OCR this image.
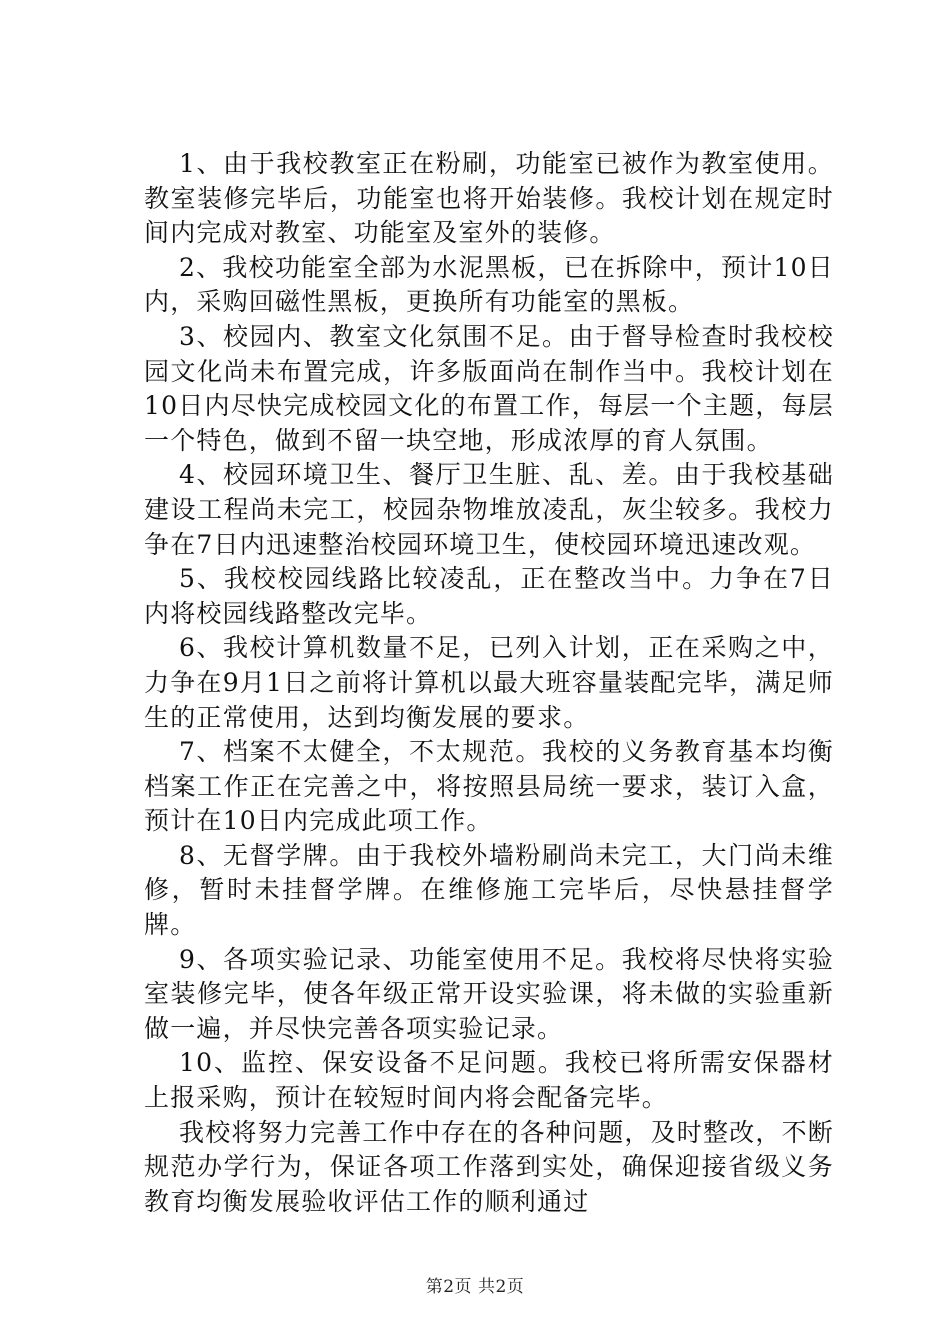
1、由于我校教室正在粉刷，功能室已被作为教室使用。教室装修完毕后，功能室也将开始装修。我校计划在规定时间内完成对教室、功能室及室外的装修。

2、我校功能室全部为水泥黑板，已在拆除中，预计10日内，采购回磁性黑板，更换所有功能室的黑板。

3、校园内、教室文化氛围不足。由于督导检查时我校校园文化尚未布置完成，许多版面尚在制作当中。我校计划在10日内尽快完成校园文化的布置工作，每层一个主题，每层一个特色，做到不留一块空地，形成浓厚的育人氛围。

4、校园环境卫生、餐厅卫生脏、乱、差。由于我校基础建设工程尚未完工，校园杂物堆放凌乱，灰尘较多。我校力争在7日内迅速整治校园环境卫生，使校园环境迅速改观。

5、我校校园线路比较凌乱，正在整改当中。力争在7日内将校园线路整改完毕。

6、我校计算机数量不足，已列入计划，正在采购之中，力争在9月1日之前将计算机以最大班容量装配完毕，满足师生的正常使用，达到均衡发展的要求。

7、档案不太健全，不太规范。我校的义务教育基本均衡档案工作正在完善之中，将按照县局统一要求，装订入盒，预计在10日内完成此项工作。

8、无督学牌。由于我校外墙粉刷尚未完工，大门尚未维修，暂时未挂督学牌。在维修施工完毕后，尽快悬挂督学牌。

9、各项实验记录、功能室使用不足。我校将尽快将实验室装修完毕，使各年级正常开设实验课，将未做的实验重新做一遍，并尽快完善各项实验记录。

10、监控、保安设备不足问题。我校已将所需安保器材上报采购，预计在较短时间内将会配备完毕。

我校将努力完善工作中存在的各种问题，及时整改，不断规范办学行为，保证各项工作落到实处，确保迎接省级义务教育均衡发展验收评估工作的顺利通过

第2页 共2页
